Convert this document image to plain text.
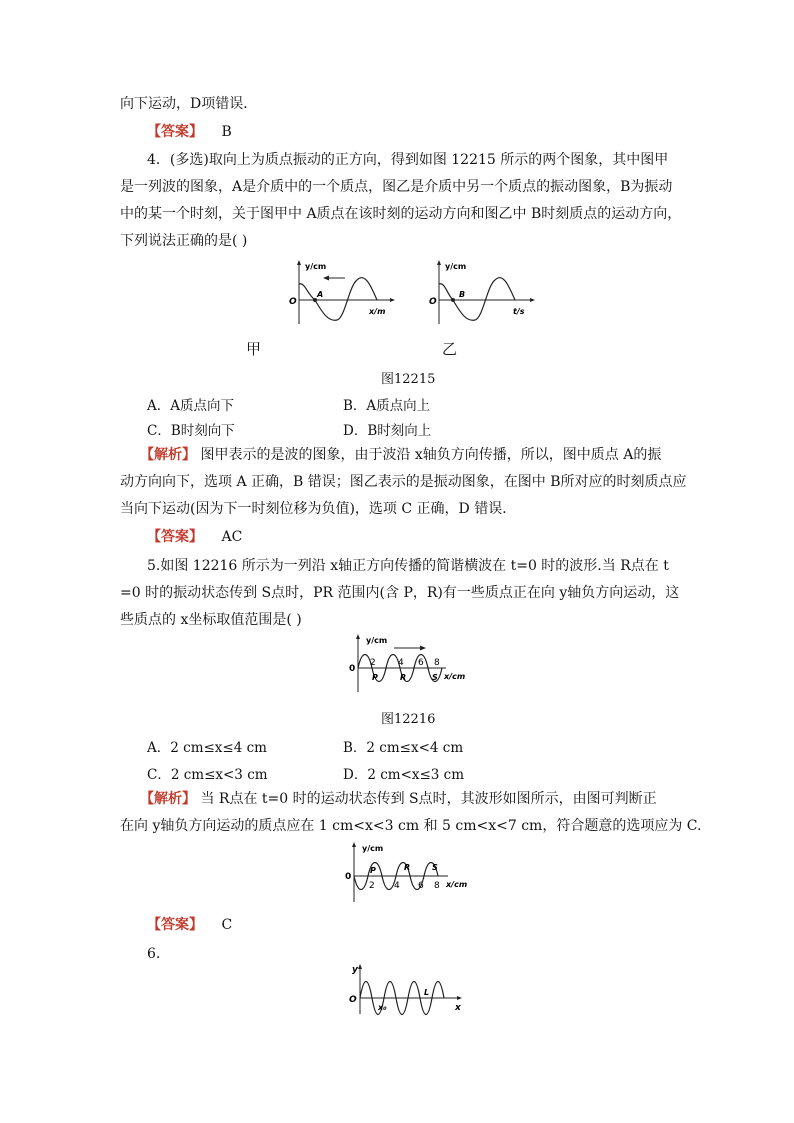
向下运动，D项错误．
【答案】 B
4．(多选)取向上为质点振动的正方向，得到如图 12215 所示的两个图象，其中图甲
是一列波的图象，A是介质中的一个质点，图乙是介质中另一个质点的振动图象，B为振动
中的某一个时刻，关于图甲中 A质点在该时刻的运动方向和图乙中 B时刻质点的运动方向，
下列说法正确的是( )
y/cm
O
A
x/m
y/cm
O
B
t/s
甲	乙
图12215
A．A质点向下	B．A质点向上
C．B时刻向下	D．B时刻向上
【解析】 图甲表示的是波的图象，由于波沿 x轴负方向传播，所以，图中质点 A的振
动方向向下，选项 A 正确，B 错误；图乙表示的是振动图象，在图中 B所对应的时刻质点应
当向下运动(因为下一时刻位移为负值)，选项 C 正确，D 错误．
【答案】 AC
5.如图 12216 所示为一列沿 x轴正方向传播的简谐横波在 t=0 时的波形.当 R点在 t
=0 时的振动状态传到 S点时，PR 范围内(含 P，R)有一些质点正在向 y轴负方向运动，这
些质点的 x坐标取值范围是( )
y/cm
0
2 4 6 8
P	R	S x/cm
图12216
A．2 cm≤x≤4 cm	B．2 cm≤x<4 cm
C．2 cm≤x<3 cm	D．2 cm<x≤3 cm
【解析】 当 R点在 t=0 时的运动状态传到 S点时，其波形如图所示，由图可判断正
在向 y轴负方向运动的质点应在 1 cm<x<3 cm 和 5 cm<x<7 cm，符合题意的选项应为 C.
y/cm
0
2 4 6 8
P	R	S
x/cm
【答案】 C
6.
y
O
x₀
L
x
